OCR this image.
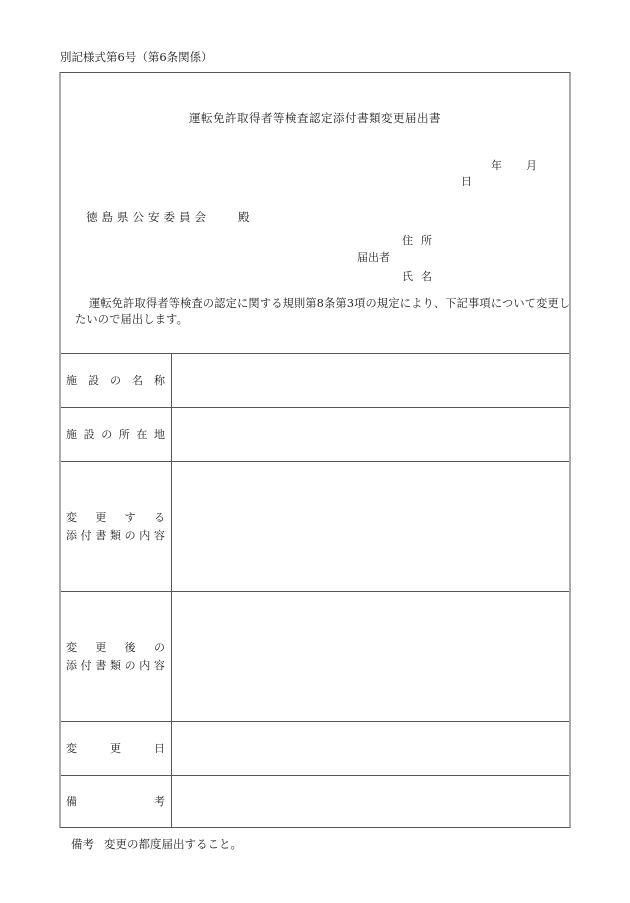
別記様式第6号（第6条関係）
運転免許取得者等検査認定添付書類変更届出書
年 月日
徳島県公安委員会 殿
住所
届出者
氏名
運転免許取得者等検査の認定に関する規則第8条第3項の規定により、下記事項について変更したいので届出します。
施 設 の 名 称
施 設 の 所 在 地
変 更 す る
添 付 書 類 の 内 容
変 更 後 の
添 付 書 類 の 内 容
変	更	日
備	考
備考 変更の都度届出すること。
